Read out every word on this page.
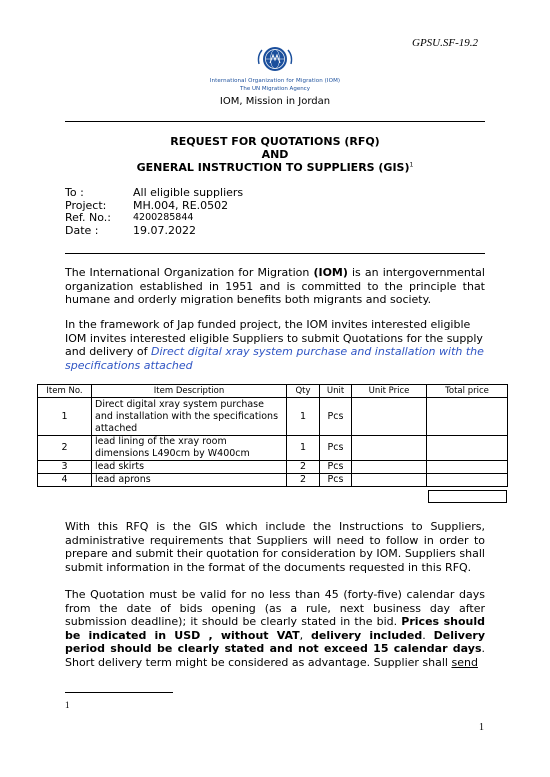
GPSU.SF-19.2
International Organization for Migration (IOM)
The UN Migration Agency
IOM, Mission in Jordan
REQUEST FOR QUOTATIONS (RFQ)
AND
GENERAL INSTRUCTION TO SUPPLIERS (GIS)$^1$
To :	All eligible suppliers
Project:	MH.004, RE.0502
Ref. No.:	4200285844
Date :	19.07.2022
The International Organization for Migration (IOM) is an intergovernmental organization established in 1951 and is committed to the principle that humane and orderly migration benefits both migrants and society.
In the framework of Jap funded project, the IOM invites interested eligible IOM invites interested eligible Suppliers to submit Quotations for the supply and delivery of Direct digital xray system purchase and installation with the specifications attached
Item No.	Item Description	Qty	Unit	Unit Price	Total price
1	Direct digital xray system purchase and installation with the specifications attached	1	Pcs		
2	lead lining of the xray room dimensions L490cm by W400cm	1	Pcs		
3	lead skirts	2	Pcs		
4	lead aprons	2	Pcs		
With this RFQ is the GIS which include the Instructions to Suppliers, administrative requirements that Suppliers will need to follow in order to prepare and submit their quotation for consideration by IOM. Suppliers shall submit information in the format of the documents requested in this RFQ.
The Quotation must be valid for no less than 45 (forty-five) calendar days from the date of bids opening (as a rule, next business day after submission deadline); it should be clearly stated in the bid. Prices should be indicated in USD , without VAT, delivery included. Delivery period should be clearly stated and not exceed 15 calendar days. Short delivery term might be considered as advantage. Supplier shall send
1
1
